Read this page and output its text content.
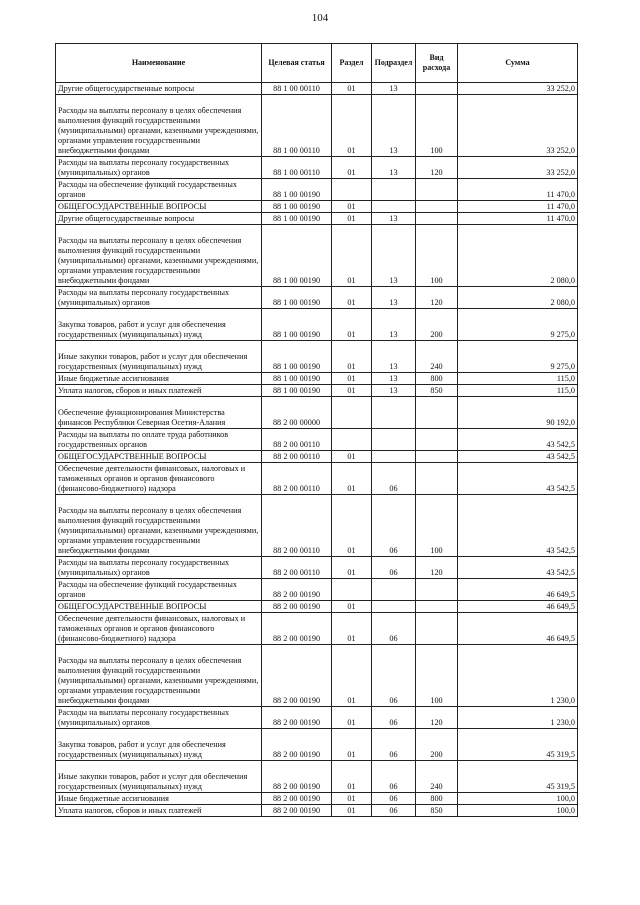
104
Наименование	Целевая статья	Раздел	Подраздел	Вид расхода	Сумма
Другие общегосударственные вопросы	88 1 00 00110	01	13		33 252,0
Расходы на выплаты персоналу в целях обеспечения выполнения функций государственными (муниципальными) органами, казенными учреждениями, органами управления государственными внебюджетными фондами	88 1 00 00110	01	13	100	33 252,0
Расходы на выплаты персоналу государственных (муниципальных) органов	88 1 00 00110	01	13	120	33 252,0
Расходы на обеспечение функций государственных органов	88 1 00 00190				11 470,0
ОБЩЕГОСУДАРСТВЕННЫЕ ВОПРОСЫ	88 1 00 00190	01			11 470,0
Другие общегосударственные вопросы	88 1 00 00190	01	13		11 470,0
Расходы на выплаты персоналу в целях обеспечения выполнения функций государственными (муниципальными) органами, казенными учреждениями, органами управления государственными внебюджетными фондами	88 1 00 00190	01	13	100	2 080,0
Расходы на выплаты персоналу государственных (муниципальных) органов	88 1 00 00190	01	13	120	2 080,0
Закупка товаров, работ и услуг для обеспечения государственных (муниципальных) нужд	88 1 00 00190	01	13	200	9 275,0
Иные закупки товаров, работ и услуг для обеспечения государственных (муниципальных) нужд	88 1 00 00190	01	13	240	9 275,0
Иные бюджетные ассигнования	88 1 00 00190	01	13	800	115,0
Уплата налогов, сборов и иных платежей	88 1 00 00190	01	13	850	115,0
Обеспечение функционирования Министерства финансов Республики Северная Осетия-Алания	88 2 00 00000				90 192,0
Расходы на выплаты по оплате труда работников государственных органов	88 2 00 00110				43 542,5
ОБЩЕГОСУДАРСТВЕННЫЕ ВОПРОСЫ	88 2 00 00110	01			43 542,5
Обеспечение деятельности финансовых, налоговых и таможенных органов и органов финансового (финансово-бюджетного) надзора	88 2 00 00110	01	06		43 542,5
Расходы на выплаты персоналу в целях обеспечения выполнения функций государственными (муниципальными) органами, казенными учреждениями, органами управления государственными внебюджетными фондами	88 2 00 00110	01	06	100	43 542,5
Расходы на выплаты персоналу государственных (муниципальных) органов	88 2 00 00110	01	06	120	43 542,5
Расходы на обеспечение функций государственных органов	88 2 00 00190				46 649,5
ОБЩЕГОСУДАРСТВЕННЫЕ ВОПРОСЫ	88 2 00 00190	01			46 649,5
Обеспечение деятельности финансовых, налоговых и таможенных органов и органов финансового (финансово-бюджетного) надзора	88 2 00 00190	01	06		46 649,5
Расходы на выплаты персоналу в целях обеспечения выполнения функций государственными (муниципальными) органами, казенными учреждениями, органами управления государственными внебюджетными фондами	88 2 00 00190	01	06	100	1 230,0
Расходы на выплаты персоналу государственных (муниципальных) органов	88 2 00 00190	01	06	120	1 230,0
Закупка товаров, работ и услуг для обеспечения государственных (муниципальных) нужд	88 2 00 00190	01	06	200	45 319,5
Иные закупки товаров, работ и услуг для обеспечения государственных (муниципальных) нужд	88 2 00 00190	01	06	240	45 319,5
Иные бюджетные ассигнования	88 2 00 00190	01	06	800	100,0
Уплата налогов, сборов и иных платежей	88 2 00 00190	01	06	850	100,0
